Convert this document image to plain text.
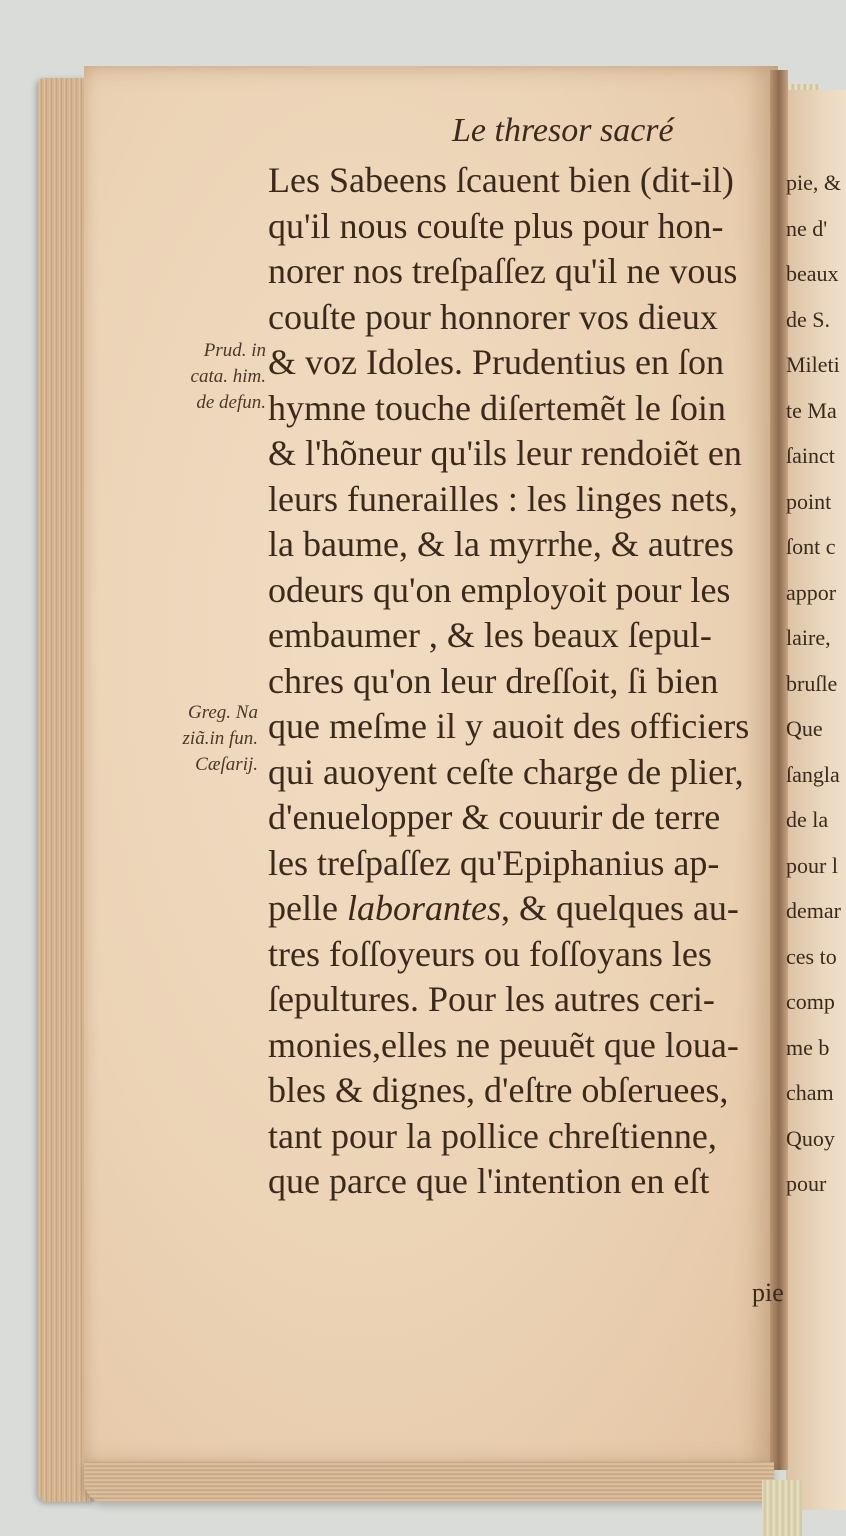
Le thresor sacré

Prud. in
cata. him.
de defun.
Greg. Na
ziã.in fun.
Cæſarij.
Les Sabeens ſcauent bien (dit-il)
qu'il nous couſte plus pour hon-
norer nos treſpaſſez qu'il ne vous
couſte pour honnorer vos dieux
& voz Idoles. Prudentius en ſon
hymne touche diſertemẽt le ſoin
& l'hõneur qu'ils leur rendoiẽt en
leurs funerailles : les linges nets,
la baume, & la myrrhe, & autres
odeurs qu'on employoit pour les
embaumer , & les beaux ſepul-
chres qu'on leur dreſſoit, ſi bien
que meſme il y auoit des officiers
qui auoyent ceſte charge de plier,
d'enuelopper & couurir de terre
les treſpaſſez qu'Epiphanius ap-
pelle laborantes, & quelques au-
tres foſſoyeurs ou foſſoyans les
ſepultures. Pour les autres ceri-
monies,elles ne peuuẽt que loua-
bles & dignes, d'eſtre obſeruees,
tant pour la pollice chreſtienne,
que parce que l'intention en eſt

pie

pie, &
ne d'
beaux
de S.
Mileti
te Ma
ſainct
point
ſont c
appor
laire,
bruſle
Que
ſangla
de la
pour l
demar
ces to
comp
me b
cham
Quoy
pour
